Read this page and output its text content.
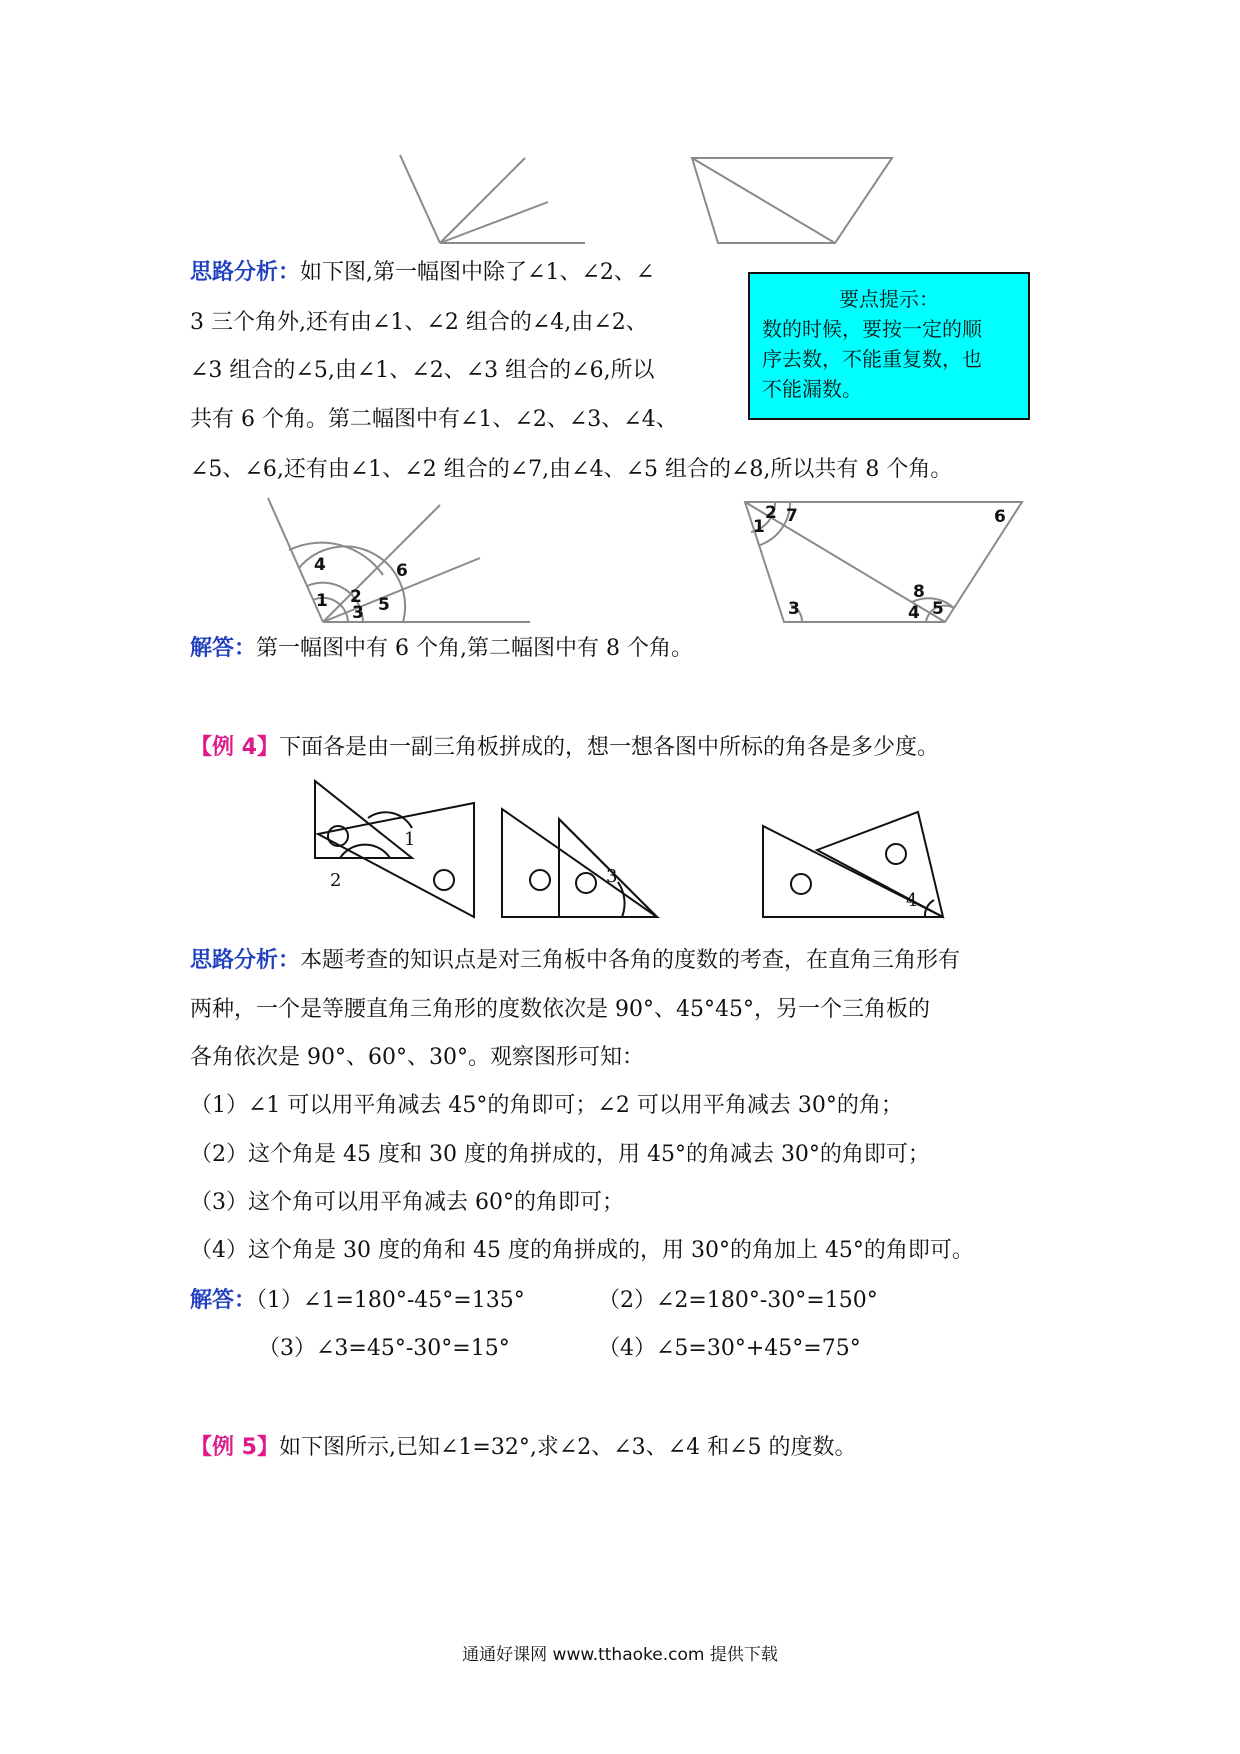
思路分析：如下图,第一幅图中除了∠1、∠2、∠
3 三个角外,还有由∠1、∠2 组合的∠4,由∠2、
∠3 组合的∠5,由∠1、∠2、∠3 组合的∠6,所以
共有 6 个角。第二幅图中有∠1、∠2、∠3、∠4、
∠5、∠6,还有由∠1、∠2 组合的∠7,由∠4、∠5 组合的∠8,所以共有 8 个角。
要点提示：
数的时候，要按一定的顺
序去数，不能重复数，也
不能漏数。
4
1 2
3 5
6
2
1
7	6
3
8
4 5
解答：第一幅图中有 6 个角,第二幅图中有 8 个角。
【例 4】下面各是由一副三角板拼成的，想一想各图中所标的角各是多少度。
1
2	3
4
思路分析：本题考查的知识点是对三角板中各角的度数的考查，在直角三角形有
两种，一个是等腰直角三角形的度数依次是 90°、45°45°，另一个三角板的
各角依次是 90°、60°、30°。观察图形可知：
（1）∠1 可以用平角减去 45°的角即可；∠2 可以用平角减去 30°的角；
（2）这个角是 45 度和 30 度的角拼成的，用 45°的角减去 30°的角即可；
（3）这个角可以用平角减去 60°的角即可；
（4）这个角是 30 度的角和 45 度的角拼成的，用 30°的角加上 45°的角即可。
解答：（1）∠1=180°-45°=135°	（2）∠2=180°-30°=150°
（3）∠3=45°-30°=15°	（4）∠5=30°+45°=75°
【例 5】如下图所示,已知∠1=32°,求∠2、∠3、∠4 和∠5 的度数。
通通好课网 www.tthaoke.com 提供下载
